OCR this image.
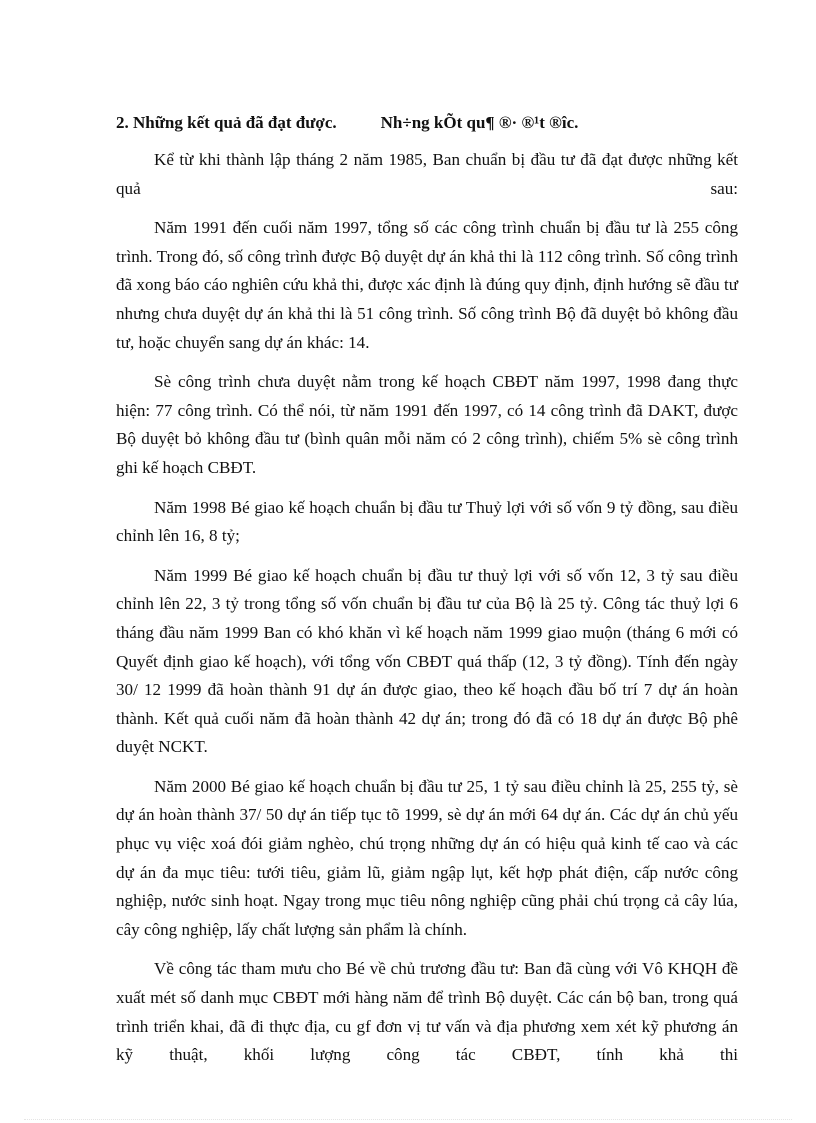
2. Những kết quả đã đạt được.	Nh÷ng kÕt qu¶ ®· ®¹t ®îc.

Kể từ khi thành lập tháng 2 năm 1985, Ban chuẩn bị đầu tư đã đạt được những kết quả sau:

Năm 1991 đến cuối năm 1997, tổng số các công trình chuẩn bị đầu tư là 255 công trình. Trong đó, số công trình được Bộ duyệt dự án khả thi là 112 công trình. Số công trình đã xong báo cáo nghiên cứu khả thi, được xác định là đúng quy định, định hướng sẽ đầu tư nhưng chưa duyệt dự án khả thi là 51 công trình. Số công trình Bộ đã duyệt bỏ không đầu tư, hoặc chuyển sang dự án khác: 14.

Sè công trình chưa duyệt nằm trong kế hoạch CBĐT năm 1997, 1998 đang thực hiện: 77 công trình. Có thể nói, từ năm 1991 đến 1997, có 14 công trình đã DAKT, được Bộ duyệt bỏ không đầu tư (bình quân mỗi năm có 2 công trình), chiếm 5% sè công trình ghi kế hoạch CBĐT.

Năm 1998 Bé giao kế hoạch chuẩn bị đầu tư Thuỷ lợi với số vốn 9 tỷ đồng, sau điều chỉnh lên 16, 8 tỷ;

Năm 1999 Bé giao kế hoạch chuẩn bị đầu tư thuỷ lợi với số vốn 12, 3 tỷ sau điều chỉnh lên 22, 3 tỷ trong tổng số vốn chuẩn bị đầu tư của Bộ là 25 tỷ. Công tác thuỷ lợi 6 tháng đầu năm 1999 Ban có khó khăn vì kế hoạch năm 1999 giao muộn (tháng 6 mới có Quyết định giao kế hoạch), với tổng vốn CBĐT quá thấp (12, 3 tỷ đồng). Tính đến ngày 30/ 12 1999 đã hoàn thành 91 dự án được giao, theo kế hoạch đầu bố trí 7 dự án hoàn thành. Kết quả cuối năm đã hoàn thành 42 dự án; trong đó đã có 18 dự án được Bộ phê duyệt NCKT.

Năm 2000 Bé giao kế hoạch chuẩn bị đầu tư 25, 1 tỷ sau điều chỉnh là 25, 255 tỷ, sè dự án hoàn thành 37/ 50 dự án tiếp tục tõ 1999, sè dự án mới 64 dự án. Các dự án chủ yếu phục vụ việc xoá đói giảm nghèo, chú trọng những dự án có hiệu quả kinh tế cao và các dự án đa mục tiêu: tưới tiêu, giảm lũ, giảm ngập lụt, kết hợp phát điện, cấp nước công nghiệp, nước sinh hoạt. Ngay trong mục tiêu nông nghiệp cũng phải chú trọng cả cây lúa, cây công nghiệp, lấy chất lượng sản phẩm là chính.

Về công tác tham mưu cho Bé về chủ trương đầu tư: Ban đã cùng với Vô KHQH đề xuất mét số danh mục CBĐT mới hàng năm để trình Bộ duyệt. Các cán bộ ban, trong quá trình triển khai, đã đi thực địa, cu gf đơn vị tư vấn và địa phương xem xét kỹ phương án kỹ thuật, khối lượng công tác CBĐT, tính khả thi
